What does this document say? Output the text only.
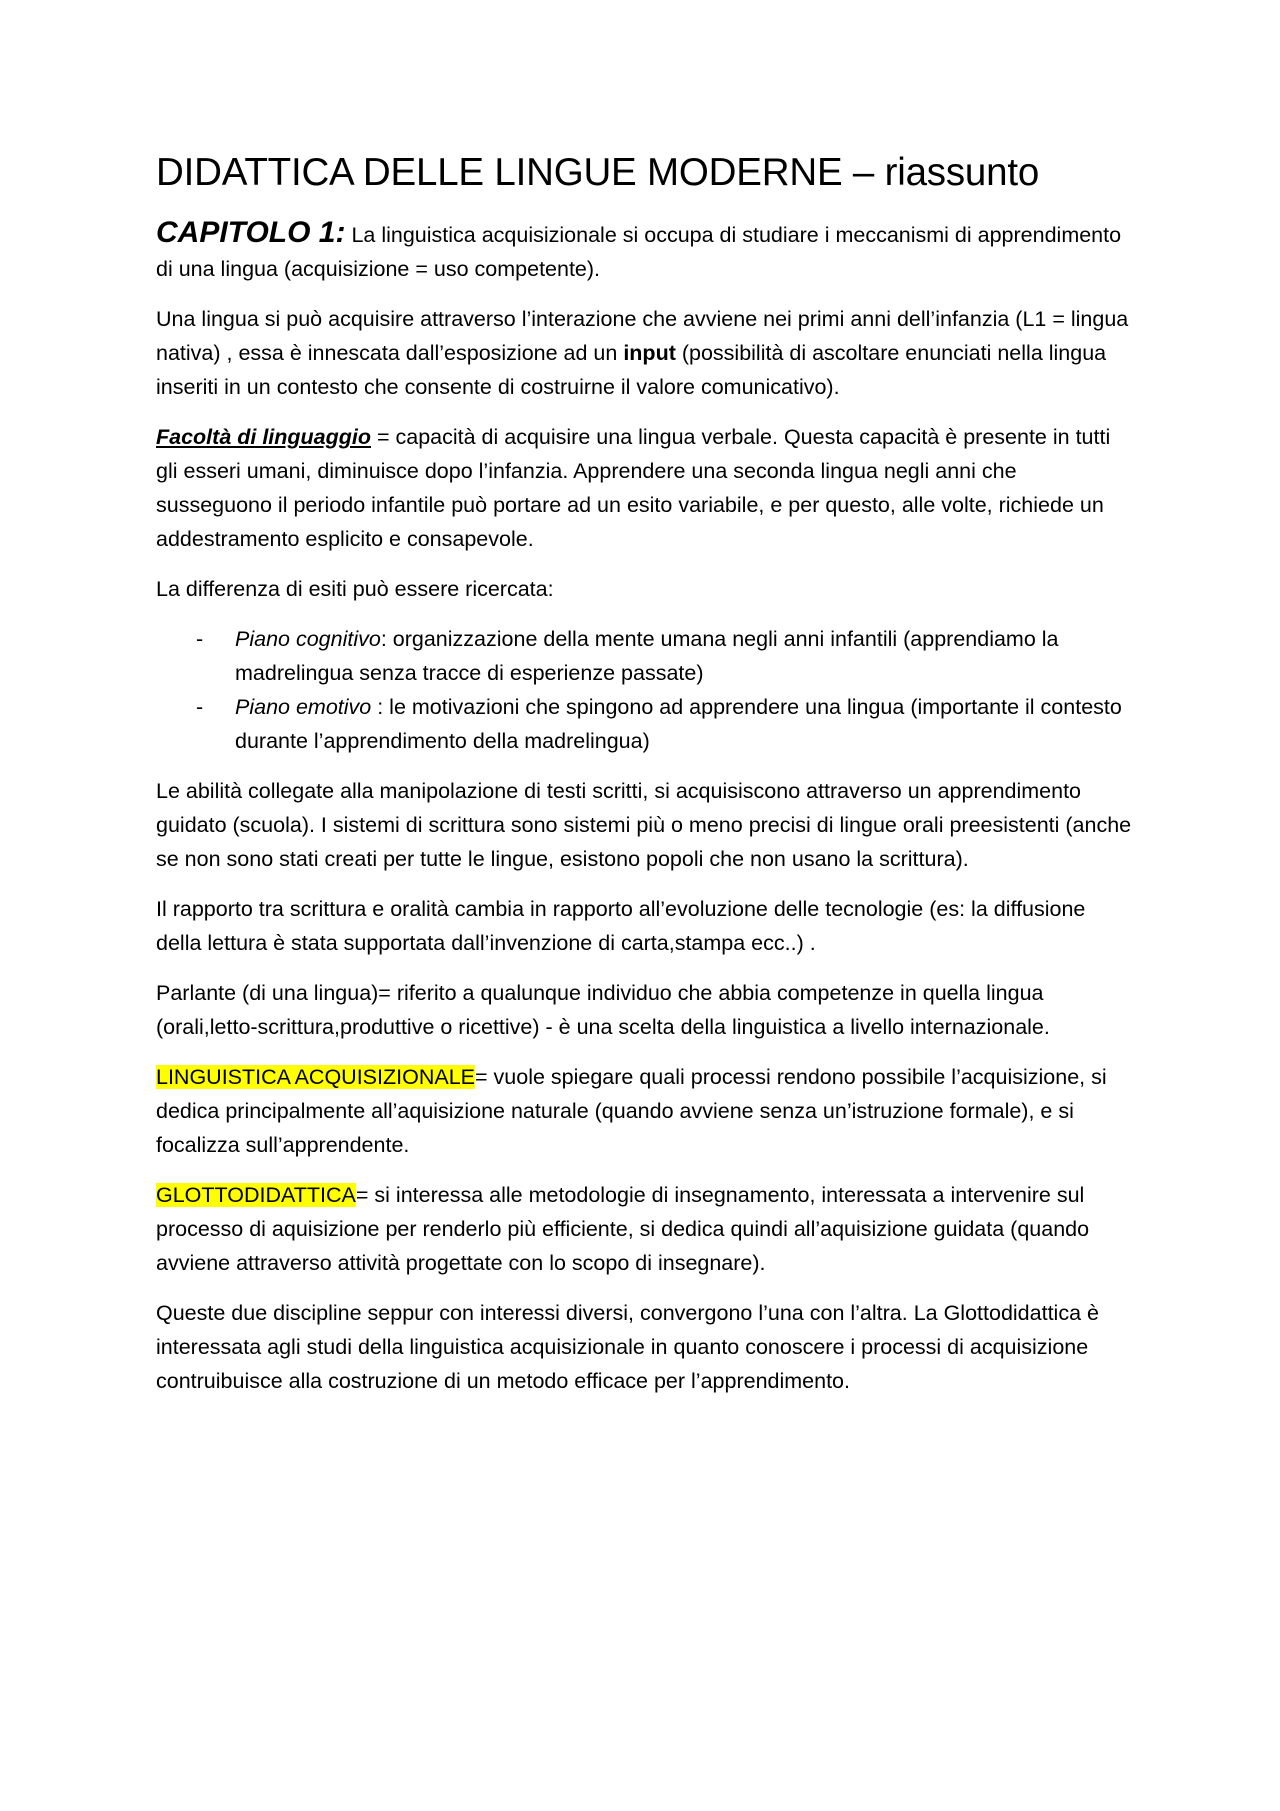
DIDATTICA DELLE LINGUE MODERNE – riassunto
CAPITOLO 1: La linguistica acquisizionale si occupa di studiare i meccanismi di apprendimento di una lingua (acquisizione = uso competente).

Una lingua si può acquisire attraverso l’interazione che avviene nei primi anni dell’infanzia (L1 = lingua nativa) , essa è innescata dall’esposizione ad un input (possibilità di ascoltare enunciati nella lingua inseriti in un contesto che consente di costruirne il valore comunicativo).

Facoltà di linguaggio = capacità di acquisire una lingua verbale. Questa capacità è presente in tutti gli esseri umani, diminuisce dopo l’infanzia. Apprendere una seconda lingua negli anni che susseguono il periodo infantile può portare ad un esito variabile, e per questo, alle volte, richiede un addestramento esplicito e consapevole.

La differenza di esiti può essere ricercata:

- Piano cognitivo: organizzazione della mente umana negli anni infantili (apprendiamo la madrelingua senza tracce di esperienze passate)
- Piano emotivo : le motivazioni che spingono ad apprendere una lingua (importante il contesto durante l’apprendimento della madrelingua)

Le abilità collegate alla manipolazione di testi scritti, si acquisiscono attraverso un apprendimento guidato (scuola). I sistemi di scrittura sono sistemi più o meno precisi di lingue orali preesistenti (anche se non sono stati creati per tutte le lingue, esistono popoli che non usano la scrittura).

Il rapporto tra scrittura e oralità cambia in rapporto all’evoluzione delle tecnologie (es: la diffusione della lettura è stata supportata dall’invenzione di carta,stampa ecc..) .

Parlante (di una lingua)= riferito a qualunque individuo che abbia competenze in quella lingua (orali,letto-scrittura,produttive o ricettive) - è una scelta della linguistica a livello internazionale.

LINGUISTICA ACQUISIZIONALE= vuole spiegare quali processi rendono possibile l’acquisizione, si dedica principalmente all’aquisizione naturale (quando avviene senza un’istruzione formale), e si focalizza sull’apprendente.

GLOTTODIDATTICA= si interessa alle metodologie di insegnamento, interessata a intervenire sul processo di aquisizione per renderlo più efficiente, si dedica quindi all’aquisizione guidata (quando avviene attraverso attività progettate con lo scopo di insegnare).

Queste due discipline seppur con interessi diversi, convergono l’una con l’altra. La Glottodidattica è interessata agli studi della linguistica acquisizionale in quanto conoscere i processi di acquisizione contruibuisce alla costruzione di un metodo efficace per l’apprendimento.
